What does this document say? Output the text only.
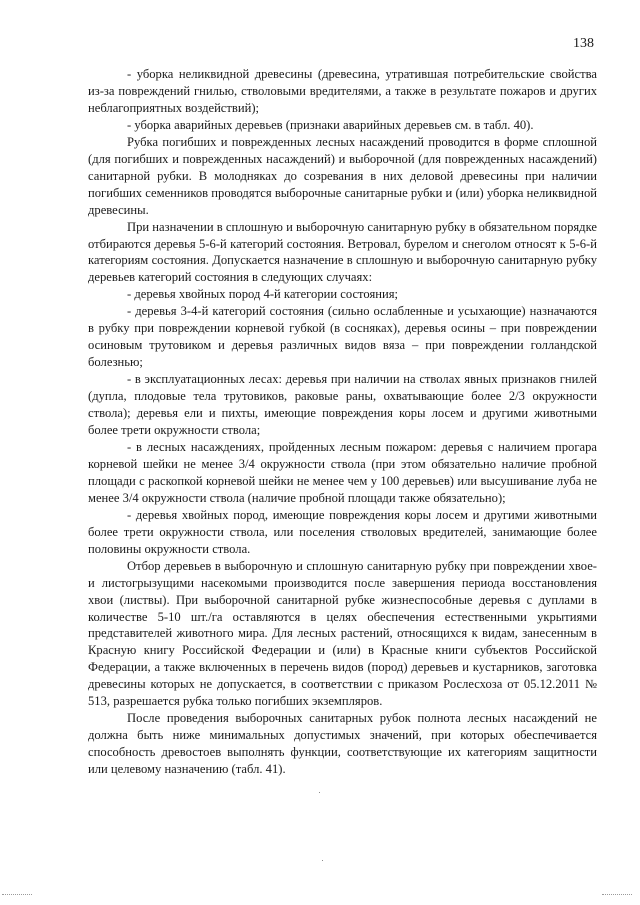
138

- уборка неликвидной древесины (древесина, утратившая потребительские свойства из-за повреждений гнилью, стволовыми вредителями, а также в результате пожаров и других неблагоприятных воздействий);

- уборка аварийных деревьев (признаки аварийных деревьев см. в табл. 40).

Рубка погибших и поврежденных лесных насаждений проводится в форме сплошной (для погибших и поврежденных насаждений) и выборочной (для поврежденных насаждений) санитарной рубки. В молодняках до созревания в них деловой древесины при наличии погибших семенников проводятся выборочные санитарные рубки и (или) уборка неликвидной древесины.

При назначении в сплошную и выборочную санитарную рубку в обязательном порядке отбираются деревья 5-6-й категорий состояния. Ветровал, бурелом и снеголом относят к 5-6-й категориям состояния. Допускается назначение в сплошную и выборочную санитарную рубку деревьев категорий состояния в следующих случаях:

- деревья хвойных пород 4-й категории состояния;

- деревья 3-4-й категорий состояния (сильно ослабленные и усыхающие) назначаются в рубку при повреждении корневой губкой (в сосняках), деревья осины – при повреждении осиновым трутовиком и деревья различных видов вяза – при повреждении голландской болезнью;

- в эксплуатационных лесах: деревья при наличии на стволах явных признаков гнилей (дупла, плодовые тела трутовиков, раковые раны, охватывающие более 2/3 окружности ствола); деревья ели и пихты, имеющие повреждения коры лосем и другими животными более трети окружности ствола;

- в лесных насаждениях, пройденных лесным пожаром: деревья с наличием прогара корневой шейки не менее 3/4 окружности ствола (при этом обязательно наличие пробной площади с раскопкой корневой шейки не менее чем у 100 деревьев) или высушивание луба не менее 3/4 окружности ствола (наличие пробной площади также обязательно);

- деревья хвойных пород, имеющие повреждения коры лосем и другими животными более трети окружности ствола, или поселения стволовых вредителей, занимающие более половины окружности ствола.

Отбор деревьев в выборочную и сплошную санитарную рубку при повреждении хвое- и листогрызущими насекомыми производится после завершения периода восстановления хвои (листвы). При выборочной санитарной рубке жизнеспособные деревья с дуплами в количестве 5-10 шт./га оставляются в целях обеспечения естественными укрытиями представителей животного мира. Для лесных растений, относящихся к видам, занесенным в Красную книгу Российской Федерации и (или) в Красные книги субъектов Российской Федерации, а также включенных в перечень видов (пород) деревьев и кустарников, заготовка древесины которых не допускается, в соответствии с приказом Рослесхоза от 05.12.2011 № 513, разрешается рубка только погибших экземпляров.

После проведения выборочных санитарных рубок полнота лесных насаждений не должна быть ниже минимальных допустимых значений, при которых обеспечивается способность древостоев выполнять функции, соответствующие их категориям защитности или целевому назначению (табл. 41).
